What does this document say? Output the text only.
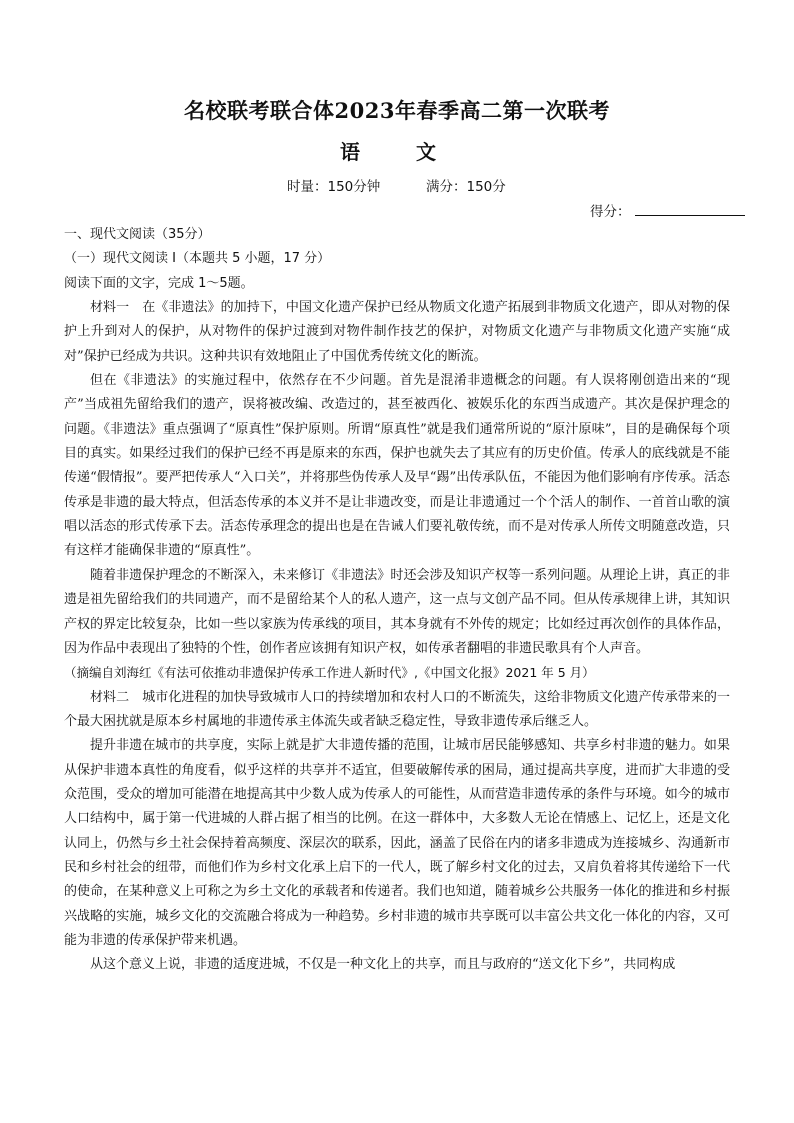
名校联考联合体2023年春季高二第一次联考
语　文
时量：150分钟	满分：150分
得分：

一、现代文阅读（35分）

（一）现代文阅读 I（本题共 5 小题，17 分）

阅读下面的文字，完成 1～5题。

材料一　在《非遗法》的加持下，中国文化遗产保护已经从物质文化遗产拓展到非物质文化遗产，即从对物的保护上升到对人的保护，从对物件的保护过渡到对物件制作技艺的保护，对物质文化遗产与非物质文化遗产实施“成对”保护已经成为共识。这种共识有效地阻止了中国优秀传统文化的断流。

但在《非遗法》的实施过程中，依然存在不少问题。首先是混淆非遗概念的问题。有人误将刚创造出来的“现产”当成祖先留给我们的遗产，误将被改编、改造过的，甚至被西化、被娱乐化的东西当成遗产。其次是保护理念的问题。《非遗法》重点强调了“原真性”保护原则。所谓“原真性”就是我们通常所说的“原汁原味”，目的是确保每个项目的真实。如果经过我们的保护已经不再是原来的东西，保护也就失去了其应有的历史价值。传承人的底线就是不能传递“假情报”。要严把传承人“入口关”，并将那些伪传承人及早“踢”出传承队伍，不能因为他们影响有序传承。活态传承是非遗的最大特点，但活态传承的本义并不是让非遗改变，而是让非遗通过一个个活人的制作、一首首山歌的演唱以活态的形式传承下去。活态传承理念的提出也是在告诫人们要礼敬传统，而不是对传承人所传文明随意改造，只有这样才能确保非遗的“原真性”。

随着非遗保护理念的不断深入，未来修订《非遗法》时还会涉及知识产权等一系列问题。从理论上讲，真正的非遗是祖先留给我们的共同遗产，而不是留给某个人的私人遗产，这一点与文创产品不同。但从传承规律上讲，其知识产权的界定比较复杂，比如一些以家族为传承线的项目，其本身就有不外传的规定；比如经过再次创作的具体作品，因为作品中表现出了独特的个性，创作者应该拥有知识产权，如传承者翻唱的非遗民歌具有个人声音。

（摘编自刘海红《有法可依推动非遗保护传承工作进人新时代》,《中国文化报》2021 年 5 月）

材料二　城市化进程的加快导致城市人口的持续增加和农村人口的不断流失，这给非物质文化遗产传承带来的一个最大困扰就是原本乡村属地的非遗传承主体流失或者缺乏稳定性，导致非遗传承后继乏人。

提升非遗在城市的共享度，实际上就是扩大非遗传播的范围，让城市居民能够感知、共享乡村非遗的魅力。如果从保护非遗本真性的角度看，似乎这样的共享并不适宜，但要破解传承的困局，通过提高共享度，进而扩大非遗的受众范围，受众的增加可能潜在地提高其中少数人成为传承人的可能性，从而营造非遗传承的条件与环境。如今的城市人口结构中，属于第一代进城的人群占据了相当的比例。在这一群体中，大多数人无论在情感上、记忆上，还是文化认同上，仍然与乡土社会保持着高频度、深层次的联系，因此，涵盖了民俗在内的诸多非遗成为连接城乡、沟通新市民和乡村社会的纽带，而他们作为乡村文化承上启下的一代人，既了解乡村文化的过去，又肩负着将其传递给下一代的使命，在某种意义上可称之为乡土文化的承载者和传递者。我们也知道，随着城乡公共服务一体化的推进和乡村振兴战略的实施，城乡文化的交流融合将成为一种趋势。乡村非遗的城市共享既可以丰富公共文化一体化的内容，又可能为非遗的传承保护带来机遇。

从这个意义上说，非遗的适度进城，不仅是一种文化上的共享，而且与政府的“送文化下乡”，共同构成
